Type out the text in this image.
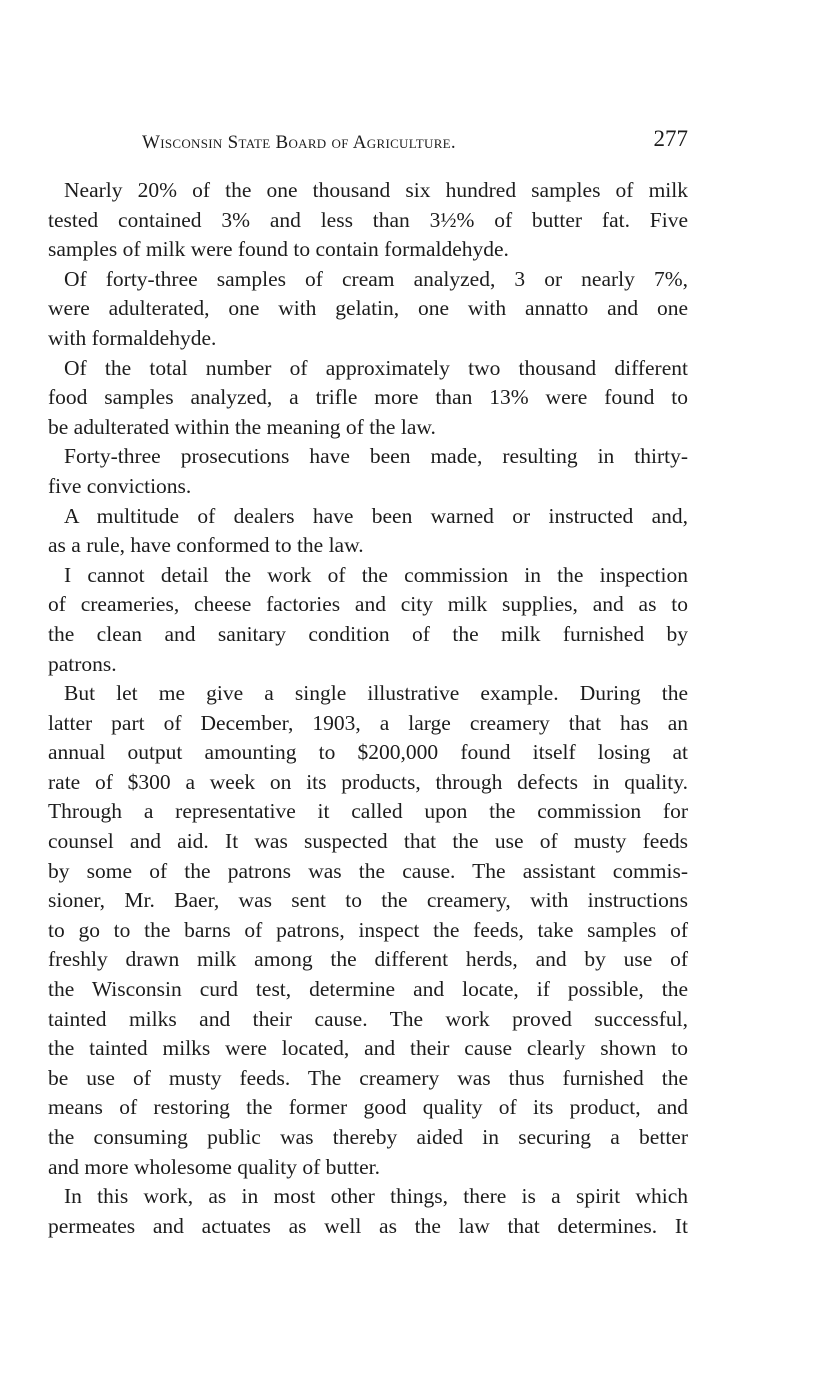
Wisconsin State Board of Agriculture.	277
Nearly 20% of the one thousand six hundred samples of milk
tested contained 3% and less than 3½% of butter fat. Five
samples of milk were found to contain formaldehyde.
Of forty-three samples of cream analyzed, 3 or nearly 7%,
were adulterated, one with gelatin, one with annatto and one
with formaldehyde.
Of the total number of approximately two thousand different
food samples analyzed, a trifle more than 13% were found to
be adulterated within the meaning of the law.
Forty-three prosecutions have been made, resulting in thirty-
five convictions.
A multitude of dealers have been warned or instructed and,
as a rule, have conformed to the law.
I cannot detail the work of the commission in the inspection
of creameries, cheese factories and city milk supplies, and as to
the clean and sanitary condition of the milk furnished by
patrons.
But let me give a single illustrative example. During the
latter part of December, 1903, a large creamery that has an
annual output amounting to $200,000 found itself losing at
rate of $300 a week on its products, through defects in quality.
Through a representative it called upon the commission for
counsel and aid. It was suspected that the use of musty feeds
by some of the patrons was the cause. The assistant commis-
sioner, Mr. Baer, was sent to the creamery, with instructions
to go to the barns of patrons, inspect the feeds, take samples of
freshly drawn milk among the different herds, and by use of
the Wisconsin curd test, determine and locate, if possible, the
tainted milks and their cause. The work proved successful,
the tainted milks were located, and their cause clearly shown to
be use of musty feeds. The creamery was thus furnished the
means of restoring the former good quality of its product, and
the consuming public was thereby aided in securing a better
and more wholesome quality of butter.
In this work, as in most other things, there is a spirit which
permeates and actuates as well as the law that determines. It
